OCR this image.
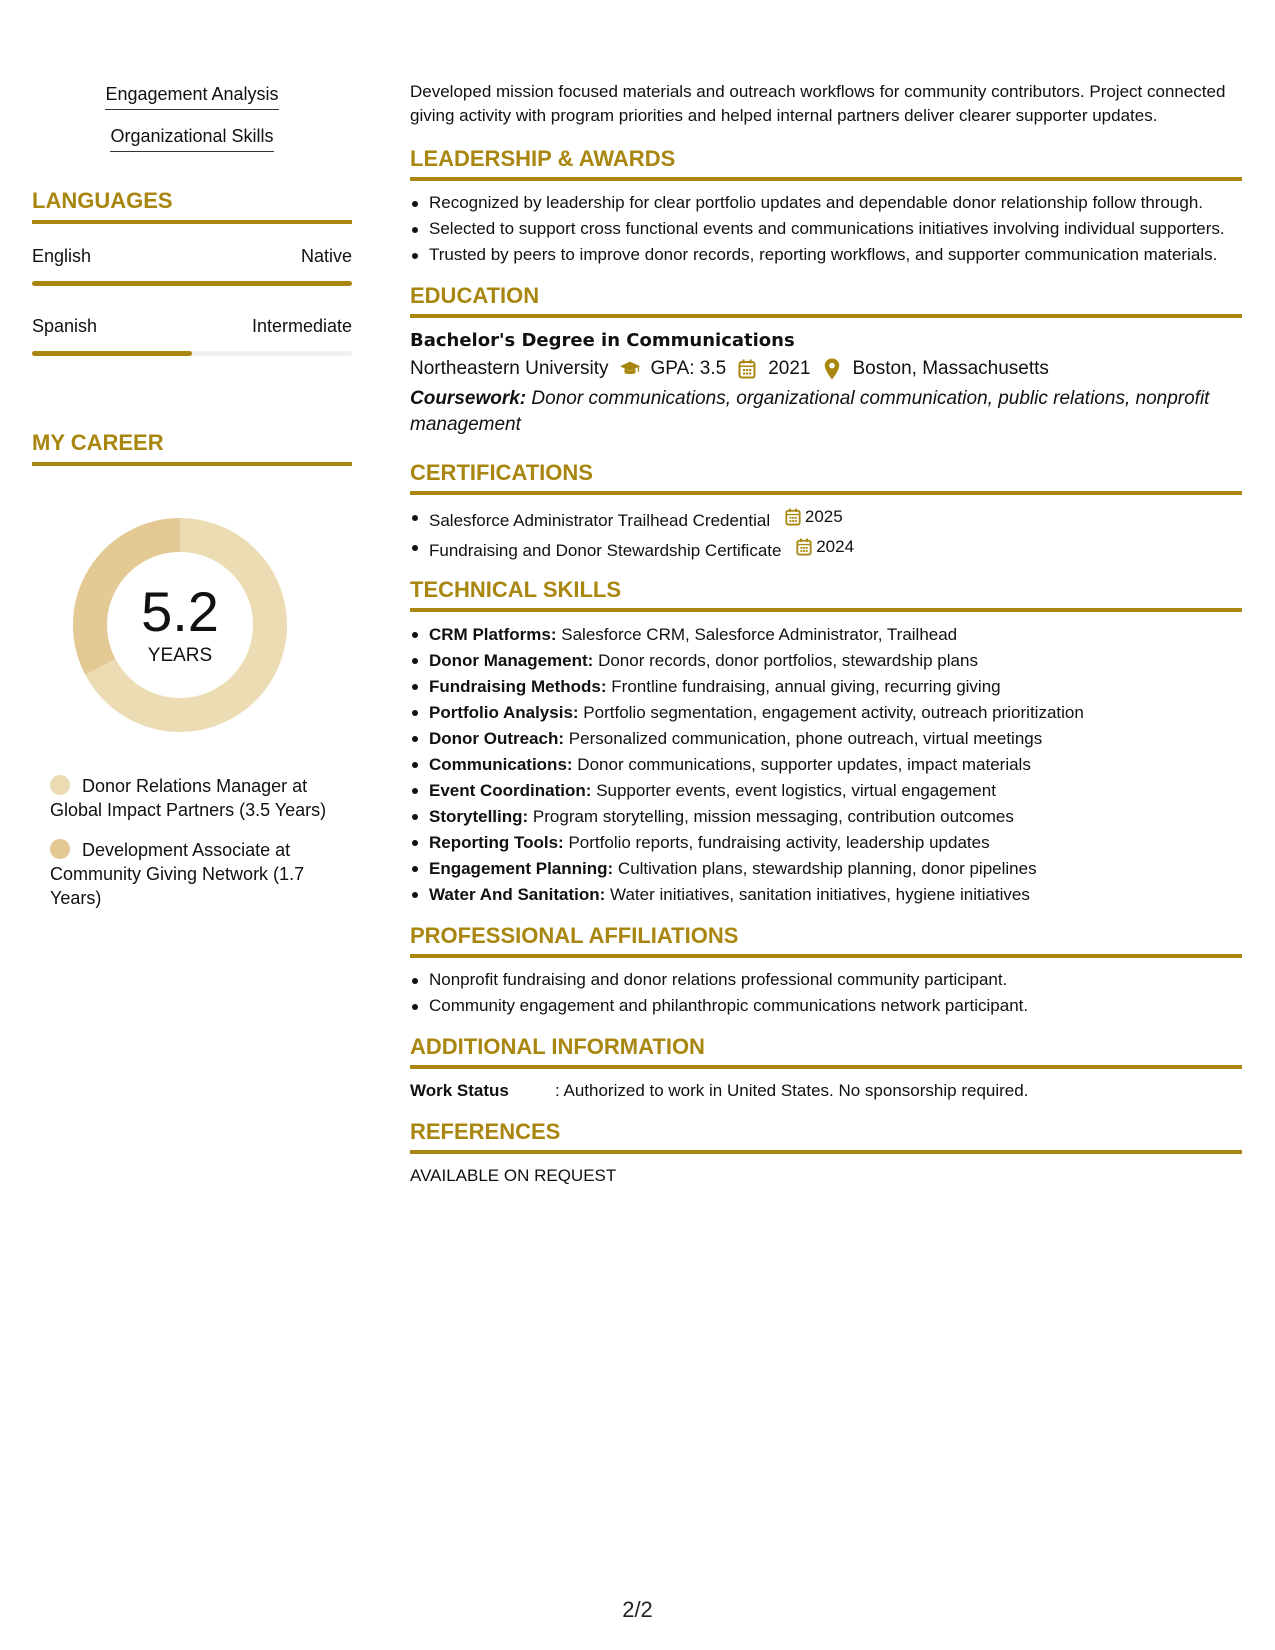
Engagement Analysis
Organizational Skills
LANGUAGES
English	Native
Spanish	Intermediate
MY CAREER
5.2
YEARS
Donor Relations Manager at Global Impact Partners (3.5 Years)
Development Associate at Community Giving Network (1.7 Years)

Developed mission focused materials and outreach workflows for community contributors. Project connected giving activity with program priorities and helped internal partners deliver clearer supporter updates.

LEADERSHIP & AWARDS
Recognized by leadership for clear portfolio updates and dependable donor relationship follow through.
Selected to support cross functional events and communications initiatives involving individual supporters.
Trusted by peers to improve donor records, reporting workflows, and supporter communication materials.
EDUCATION
Bachelor's Degree in Communications
Northeastern University GPA: 3.5 2021 Boston, Massachusetts
Coursework: Donor communications, organizational communication, public relations, nonprofit management
CERTIFICATIONS
Salesforce Administrator Trailhead Credential 2025
Fundraising and Donor Stewardship Certificate 2024
TECHNICAL SKILLS
CRM Platforms: Salesforce CRM, Salesforce Administrator, Trailhead
Donor Management: Donor records, donor portfolios, stewardship plans
Fundraising Methods: Frontline fundraising, annual giving, recurring giving
Portfolio Analysis: Portfolio segmentation, engagement activity, outreach prioritization
Donor Outreach: Personalized communication, phone outreach, virtual meetings
Communications: Donor communications, supporter updates, impact materials
Event Coordination: Supporter events, event logistics, virtual engagement
Storytelling: Program storytelling, mission messaging, contribution outcomes
Reporting Tools: Portfolio reports, fundraising activity, leadership updates
Engagement Planning: Cultivation plans, stewardship planning, donor pipelines
Water And Sanitation: Water initiatives, sanitation initiatives, hygiene initiatives
PROFESSIONAL AFFILIATIONS
Nonprofit fundraising and donor relations professional community participant.
Community engagement and philanthropic communications network participant.
ADDITIONAL INFORMATION
Work Status	: Authorized to work in United States. No sponsorship required.
REFERENCES
AVAILABLE ON REQUEST
2/2
